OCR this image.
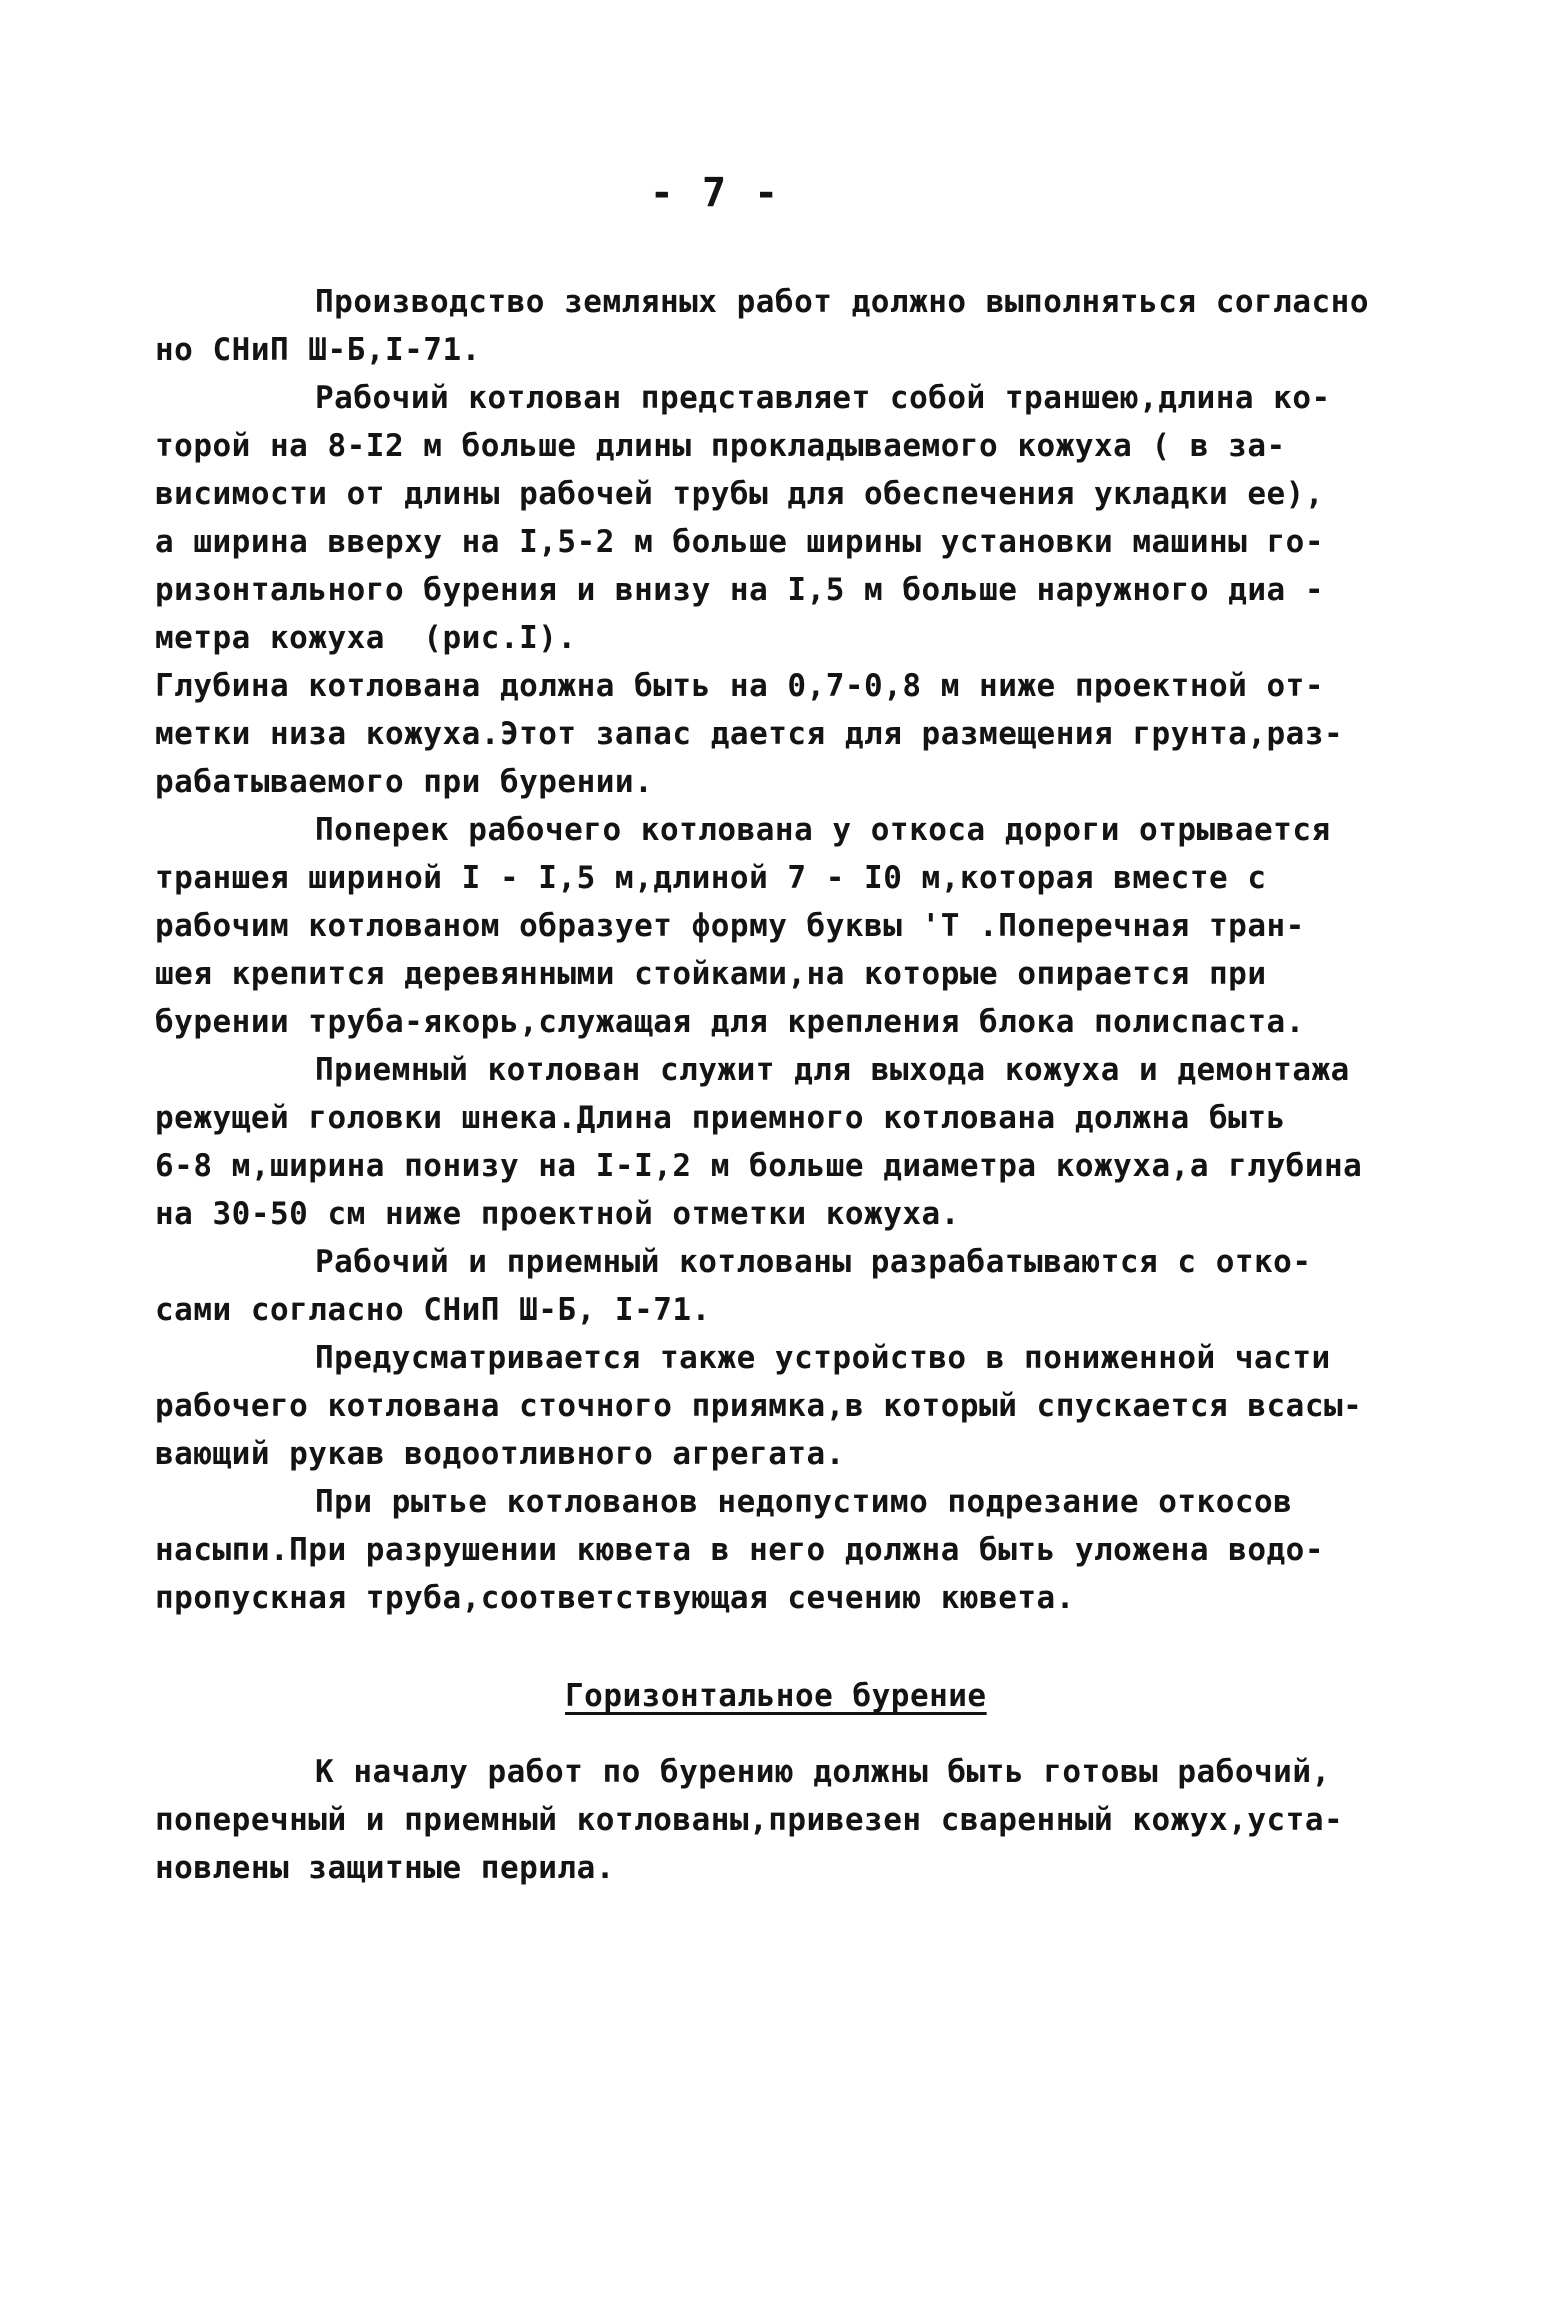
- 7 -
Производство земляных работ должно выполняться согласно
но СНиП Ш-Б,I-71.
Рабочий котлован представляет собой траншею,длина ко-
торой на 8-I2 м больше длины прокладываемого кожуха ( в за-
висимости от длины рабочей трубы для обеспечения укладки ее),
а ширина вверху на I,5-2 м больше ширины установки машины го-
ризонтального бурения и внизу на I,5 м больше наружного диа -
метра кожуха  (рис.I).
Глубина котлована должна быть на 0,7-0,8 м ниже проектной от-
метки низа кожуха.Этот запас дается для размещения грунта,раз-
рабатываемого при бурении.
Поперек рабочего котлована у откоса дороги отрывается
траншея шириной I - I,5 м,длиной 7 - I0 м,которая вместе с
рабочим котлованом образует форму буквы 'Т .Поперечная тран-
шея крепится деревянными стойками,на которые опирается при
бурении труба-якорь,служащая для крепления блока полиспаста.
Приемный котлован служит для выхода кожуха и демонтажа
режущей головки шнека.Длина приемного котлована должна быть
6-8 м,ширина понизу на I-I,2 м больше диаметра кожуха,а глубина
на 30-50 см ниже проектной отметки кожуха.
Рабочий и приемный котлованы разрабатываются с отко-
сами согласно СНиП Ш-Б, I-71.
Предусматривается также устройство в пониженной части
рабочего котлована сточного приямка,в который спускается всасы-
вающий рукав водоотливного агрегата.
При рытье котлованов недопустимо подрезание откосов
насыпи.При разрушении кювета в него должна быть уложена водо-
пропускная труба,соответствующая сечению кювета.
Горизонтальное бурение
К началу работ по бурению должны быть готовы рабочий,
поперечный и приемный котлованы,привезен сваренный кожух,уста-
новлены защитные перила.
